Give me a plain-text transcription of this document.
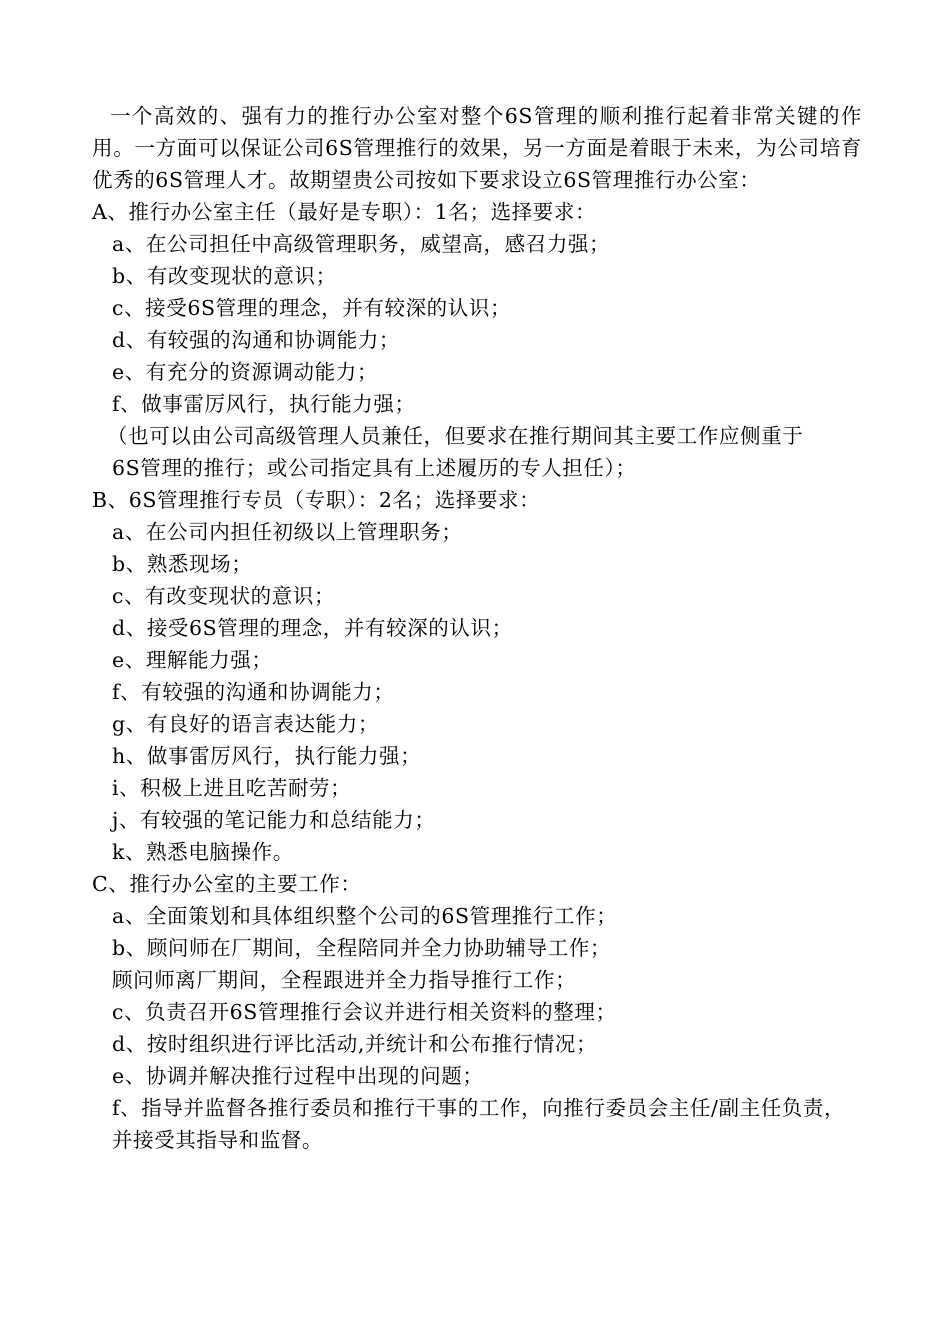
一个高效的、强有力的推行办公室对整个6S管理的顺利推行起着非常关键的作用。一方面可以保证公司6S管理推行的效果，另一方面是着眼于未来，为公司培育优秀的6S管理人才。故期望贵公司按如下要求设立6S管理推行办公室：

A、推行办公室主任（最好是专职）：1名；选择要求：

a、在公司担任中高级管理职务，威望高，感召力强；

b、有改变现状的意识；

c、接受6S管理的理念，并有较深的认识；

d、有较强的沟通和协调能力；

e、有充分的资源调动能力；

f、做事雷厉风行，执行能力强；

（也可以由公司高级管理人员兼任，但要求在推行期间其主要工作应侧重于

6S管理的推行；或公司指定具有上述履历的专人担任）；

B、6S管理推行专员（专职）：2名；选择要求：

a、在公司内担任初级以上管理职务；

b、熟悉现场；

c、有改变现状的意识；

d、接受6S管理的理念，并有较深的认识；

e、理解能力强；

f、有较强的沟通和协调能力；

g、有良好的语言表达能力；

h、做事雷厉风行，执行能力强；

i、积极上进且吃苦耐劳；

j、有较强的笔记能力和总结能力；

k、熟悉电脑操作。

C、推行办公室的主要工作：

a、全面策划和具体组织整个公司的6S管理推行工作；

b、顾问师在厂期间，全程陪同并全力协助辅导工作；

顾问师离厂期间，全程跟进并全力指导推行工作；

c、负责召开6S管理推行会议并进行相关资料的整理；

d、按时组织进行评比活动,并统计和公布推行情况；

e、协调并解决推行过程中出现的问题；

f、指导并监督各推行委员和推行干事的工作，向推行委员会主任/副主任负责，并接受其指导和监督。
